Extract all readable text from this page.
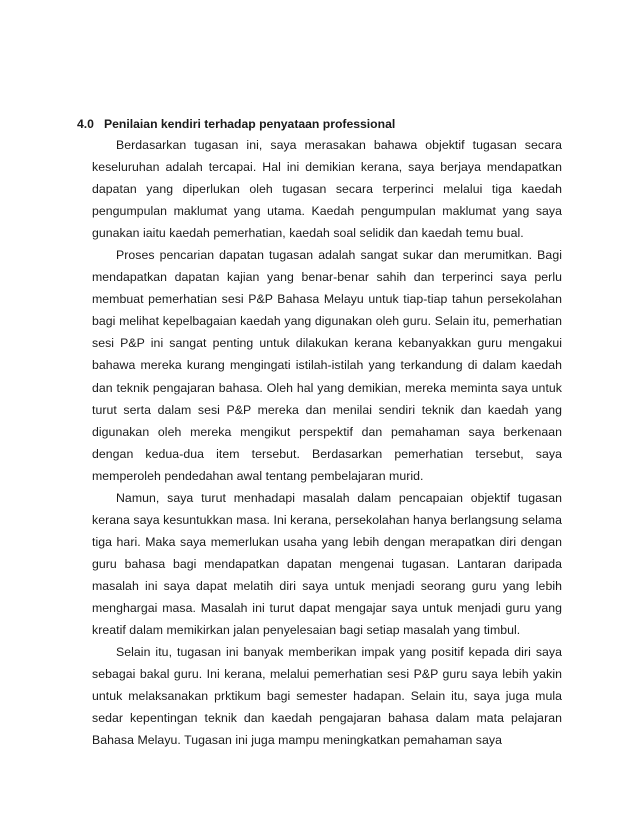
4.0 Penilaian kendiri terhadap penyataan professional

Berdasarkan tugasan ini, saya merasakan bahawa objektif tugasan secara keseluruhan adalah tercapai. Hal ini demikian kerana, saya berjaya mendapatkan dapatan yang diperlukan oleh tugasan secara terperinci melalui tiga kaedah pengumpulan maklumat yang utama. Kaedah pengumpulan maklumat yang saya gunakan iaitu kaedah pemerhatian, kaedah soal selidik dan kaedah temu bual.

Proses pencarian dapatan tugasan adalah sangat sukar dan merumitkan. Bagi mendapatkan dapatan kajian yang benar-benar sahih dan terperinci saya perlu membuat pemerhatian sesi P&P Bahasa Melayu untuk tiap-tiap tahun persekolahan bagi melihat kepelbagaian kaedah yang digunakan oleh guru. Selain itu, pemerhatian sesi P&P ini sangat penting untuk dilakukan kerana kebanyakkan guru mengakui bahawa mereka kurang mengingati istilah-istilah yang terkandung di dalam kaedah dan teknik pengajaran bahasa. Oleh hal yang demikian, mereka meminta saya untuk turut serta dalam sesi P&P mereka dan menilai sendiri teknik dan kaedah yang digunakan oleh mereka mengikut perspektif dan pemahaman saya berkenaan dengan kedua-dua item tersebut. Berdasarkan pemerhatian tersebut, saya memperoleh pendedahan awal tentang pembelajaran murid.

Namun, saya turut menhadapi masalah dalam pencapaian objektif tugasan kerana saya kesuntukkan masa. Ini kerana, persekolahan hanya berlangsung selama tiga hari. Maka saya memerlukan usaha yang lebih dengan merapatkan diri dengan guru bahasa bagi mendapatkan dapatan mengenai tugasan. Lantaran daripada masalah ini saya dapat melatih diri saya untuk menjadi seorang guru yang lebih menghargai masa. Masalah ini turut dapat mengajar saya untuk menjadi guru yang kreatif dalam memikirkan jalan penyelesaian bagi setiap masalah yang timbul.

Selain itu, tugasan ini banyak memberikan impak yang positif kepada diri saya sebagai bakal guru. Ini kerana, melalui pemerhatian sesi P&P guru saya lebih yakin untuk melaksanakan prktikum bagi semester hadapan. Selain itu, saya juga mula sedar kepentingan teknik dan kaedah pengajaran bahasa dalam mata pelajaran Bahasa Melayu. Tugasan ini juga mampu meningkatkan pemahaman saya
